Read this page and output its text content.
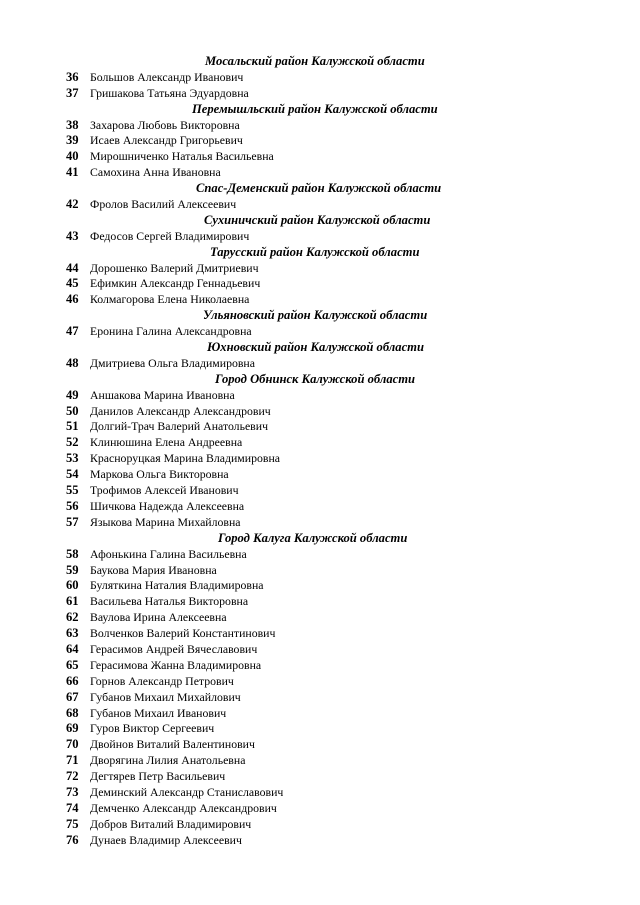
Мосальский район Калужской области
36 Большов Александр Иванович
37 Гришакова Татьяна Эдуардовна
Перемышльский район Калужской области
38 Захарова Любовь Викторовна
39 Исаев Александр Григорьевич
40 Мирошниченко Наталья Васильевна
41 Самохина Анна Ивановна
Спас-Деменский район Калужской области
42 Фролов Василий Алексеевич
Сухиничский район Калужской области
43 Федосов Сергей Владимирович
Тарусский район Калужской области
44 Дорошенко Валерий Дмитриевич
45 Ефимкин Александр Геннадьевич
46 Колмагорова Елена Николаевна
Ульяновский район Калужской области
47 Еронина Галина Александровна
Юхновский район Калужской области
48 Дмитриева Ольга Владимировна
Город Обнинск Калужской области
49 Аншакова Марина Ивановна
50 Данилов Александр Александрович
51 Долгий-Трач Валерий Анатольевич
52 Клинюшина Елена Андреевна
53 Краснoруцкая Марина Владимировна
54 Маркова Ольга Викторовна
55 Трофимов Алексей Иванович
56 Шичкова Надежда Алексеевна
57 Языкова Марина Михайловна
Город Калуга Калужской области
58 Афонькина Галина Васильевна
59 Баукова Мария Ивановна
60 Буляткина Наталия Владимировна
61 Васильева Наталья Викторовна
62 Ваулова Ирина Алексеевна
63 Волченков Валерий Константинович
64 Герасимов Андрей Вячеславович
65 Герасимова Жанна Владимировна
66 Горнов Александр Петрович
67 Губанов Михаил Михайлович
68 Губанов Михаил Иванович
69 Гуров Виктор Сергеевич
70 Двойнов Виталий Валентинович
71 Дворягина Лилия Анатольевна
72 Дегтярев Петр Васильевич
73 Деминский Александр Станиславович
74 Демченко Александр Александрович
75 Добров Виталий Владимирович
76 Дунаев Владимир Алексеевич
